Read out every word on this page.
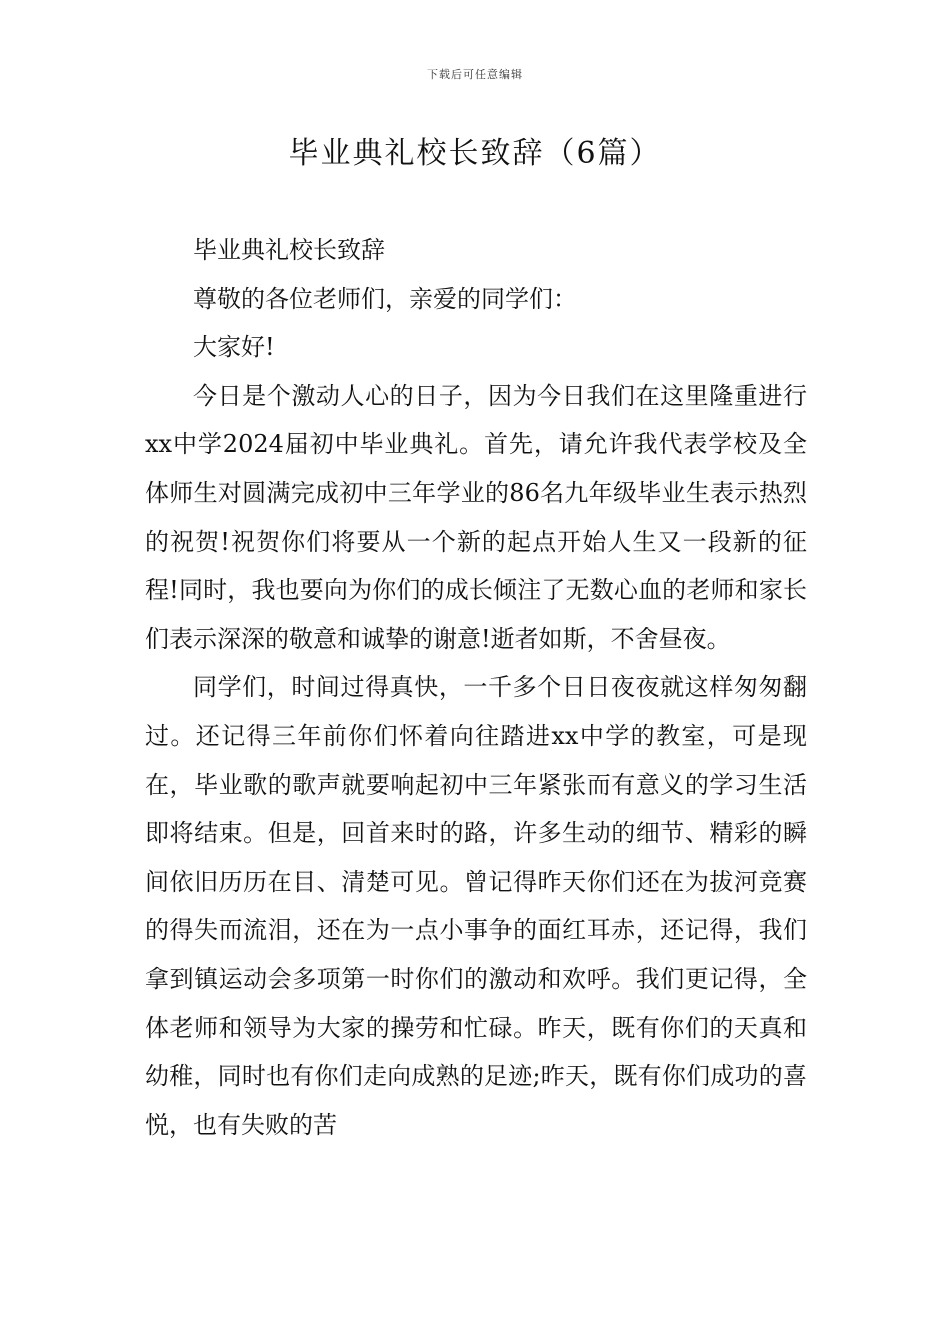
下载后可任意编辑
毕业典礼校长致辞（6篇）

毕业典礼校长致辞

尊敬的各位老师们，亲爱的同学们：

大家好!

今日是个激动人心的日子，因为今日我们在这里隆重进行xx中学2024届初中毕业典礼。首先，请允许我代表学校及全体师生对圆满完成初中三年学业的86名九年级毕业生表示热烈的祝贺!祝贺你们将要从一个新的起点开始人生又一段新的征程!同时，我也要向为你们的成长倾注了无数心血的老师和家长们表示深深的敬意和诚挚的谢意!逝者如斯，不舍昼夜。

同学们，时间过得真快，一千多个日日夜夜就这样匆匆翻过。还记得三年前你们怀着向往踏进xx中学的教室，可是现在，毕业歌的歌声就要响起初中三年紧张而有意义的学习生活即将结束。但是，回首来时的路，许多生动的细节、精彩的瞬间依旧历历在目、清楚可见。曾记得昨天你们还在为拔河竞赛的得失而流泪，还在为一点小事争的面红耳赤，还记得，我们拿到镇运动会多项第一时你们的激动和欢呼。我们更记得，全体老师和领导为大家的操劳和忙碌。昨天，既有你们的天真和幼稚，同时也有你们走向成熟的足迹;昨天，既有你们成功的喜悦，也有失败的苦
